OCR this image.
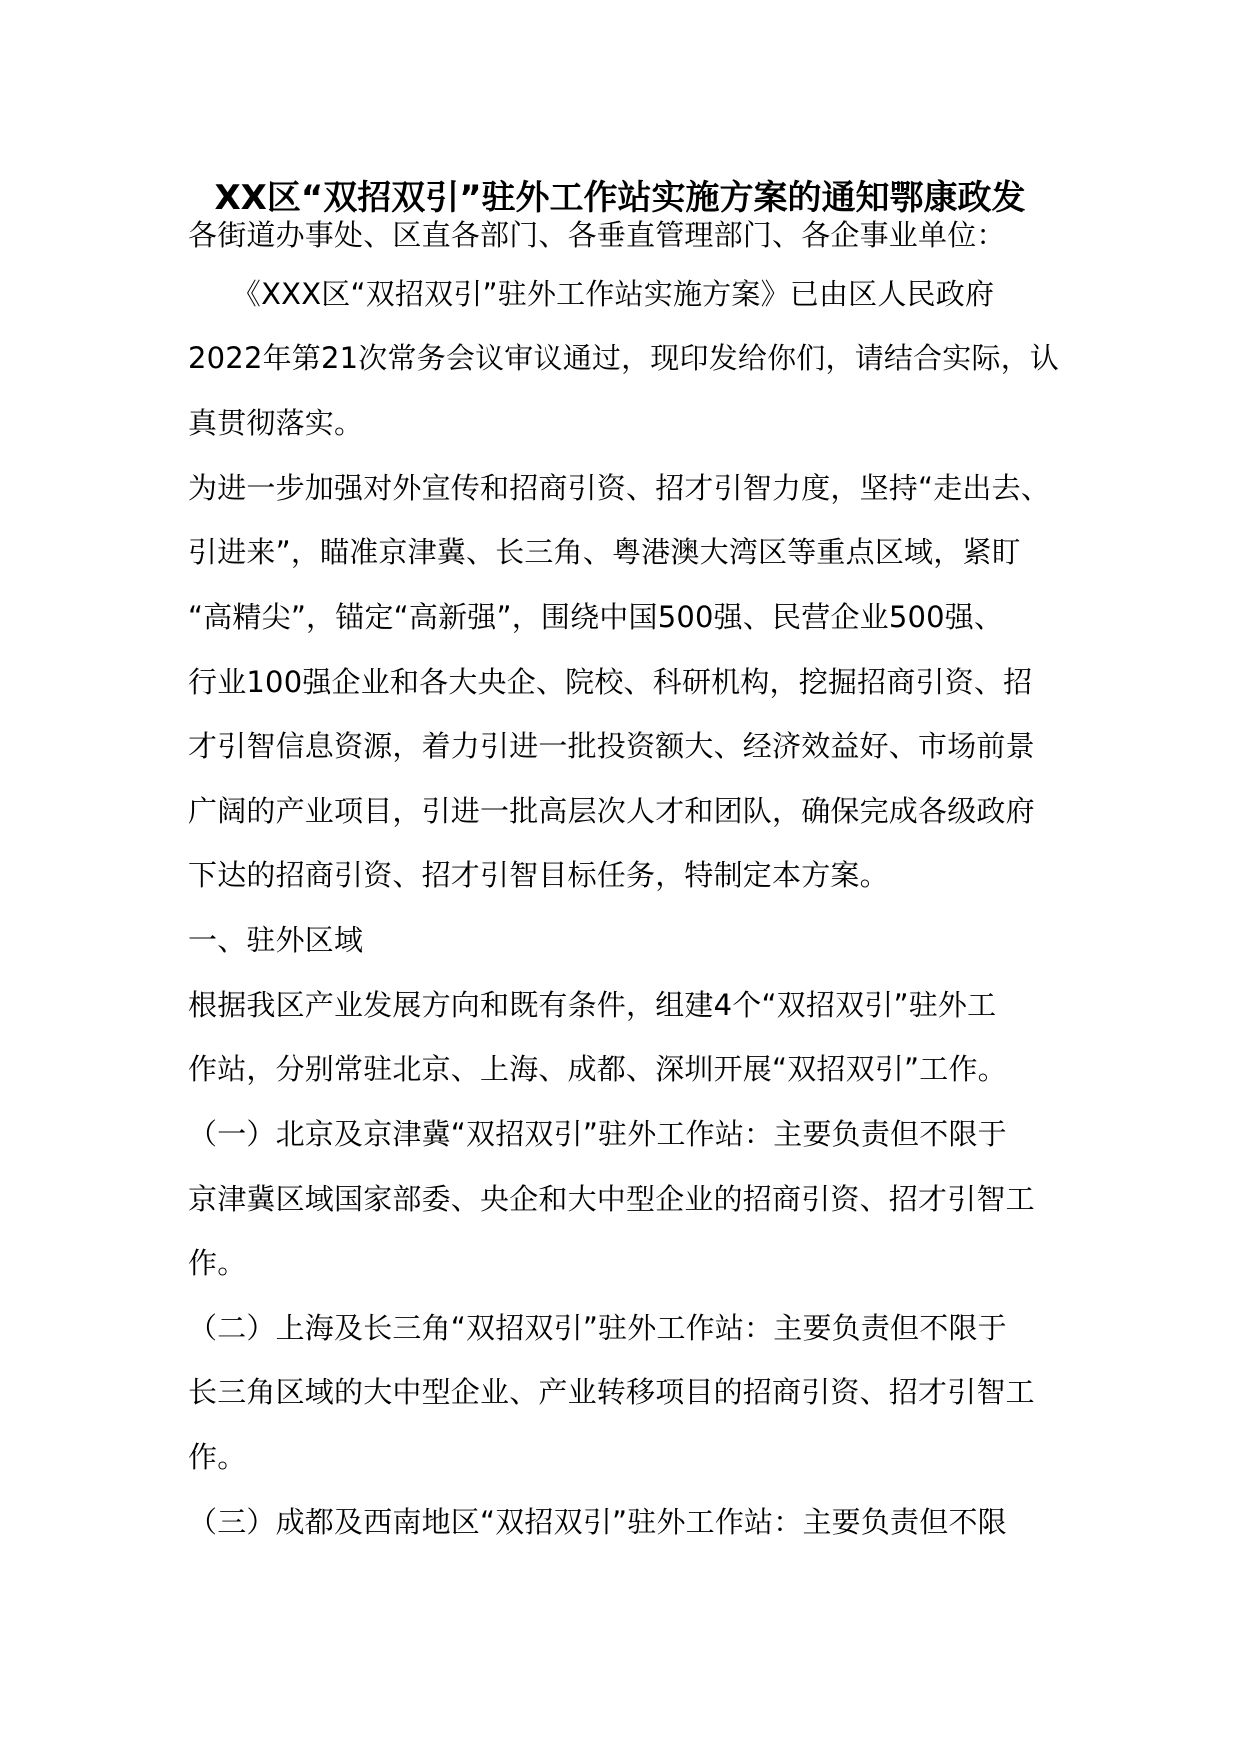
XX区“双招双引”驻外工作站实施方案的通知鄂康政发
各街道办事处、区直各部门、各垂直管理部门、各企事业单位：
　　《XXX区“双招双引”驻外工作站实施方案》已由区人民政府
2022年第21次常务会议审议通过，现印发给你们，请结合实际，认
真贯彻落实。
为进一步加强对外宣传和招商引资、招才引智力度，坚持“走出去、
引进来”，瞄准京津冀、长三角、粤港澳大湾区等重点区域，紧盯
“高精尖”，锚定“高新强”，围绕中国500强、民营企业500强、
行业100强企业和各大央企、院校、科研机构，挖掘招商引资、招
才引智信息资源，着力引进一批投资额大、经济效益好、市场前景
广阔的产业项目，引进一批高层次人才和团队，确保完成各级政府
下达的招商引资、招才引智目标任务，特制定本方案。
一、驻外区域
根据我区产业发展方向和既有条件，组建4个“双招双引”驻外工
作站，分别常驻北京、上海、成都、深圳开展“双招双引”工作。
（一）北京及京津冀“双招双引”驻外工作站：主要负责但不限于
京津冀区域国家部委、央企和大中型企业的招商引资、招才引智工
作。
（二）上海及长三角“双招双引”驻外工作站：主要负责但不限于
长三角区域的大中型企业、产业转移项目的招商引资、招才引智工
作。
（三）成都及西南地区“双招双引”驻外工作站：主要负责但不限
